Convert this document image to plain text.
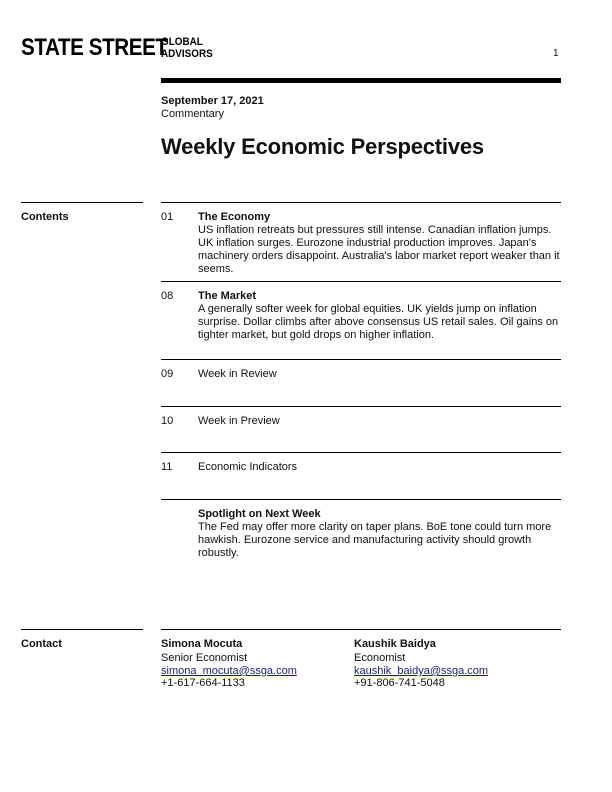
STATE STREET
GLOBAL
ADVISORS	1
September 17, 2021
Commentary
Weekly Economic Perspectives
Contents	01 The Economy
US inflation retreats but pressures still intense. Canadian inflation jumps. UK inflation surges. Eurozone industrial production improves. Japan's machinery orders disappoint. Australia's labor market report weaker than it seems.
08 The Market
A generally softer week for global equities. UK yields jump on inflation surprise. Dollar climbs after above consensus US retail sales. Oil gains on tighter market, but gold drops on higher inflation.
09 Week in Review
10 Week in Preview
11 Economic Indicators
Spotlight on Next Week
The Fed may offer more clarity on taper plans. BoE tone could turn more hawkish. Eurozone service and manufacturing activity should growth robustly.
Contact	Simona Mocuta
Senior Economist
simona_mocuta@ssga.com
+1-617-664-1133
Kaushik Baidya
Economist
kaushik_baidya@ssga.com
+91-806-741-5048
